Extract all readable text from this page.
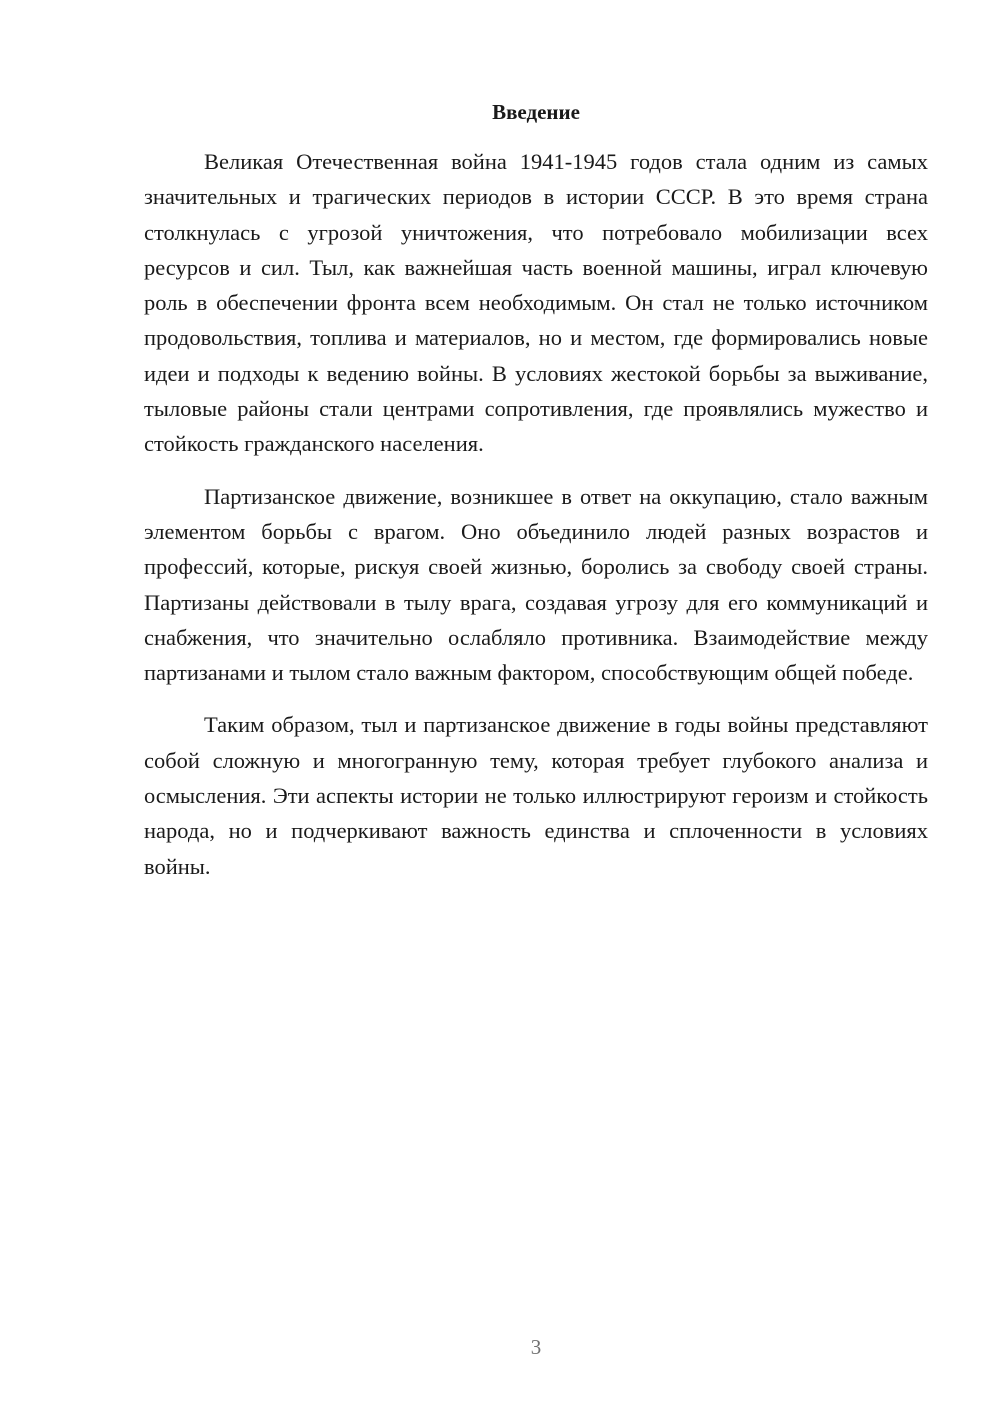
Введение

Великая Отечественная война 1941-1945 годов стала одним из самых значительных и трагических периодов в истории СССР. В это время страна столкнулась с угрозой уничтожения, что потребовало мобилизации всех ресурсов и сил. Тыл, как важнейшая часть военной машины, играл ключевую роль в обеспечении фронта всем необходимым. Он стал не только источником продовольствия, топлива и материалов, но и местом, где формировались новые идеи и подходы к ведению войны. В условиях жестокой борьбы за выживание, тыловые районы стали центрами сопротивления, где проявлялись мужество и стойкость гражданского населения.

Партизанское движение, возникшее в ответ на оккупацию, стало важным элементом борьбы с врагом. Оно объединило людей разных возрастов и профессий, которые, рискуя своей жизнью, боролись за свободу своей страны. Партизаны действовали в тылу врага, создавая угрозу для его коммуникаций и снабжения, что значительно ослабляло противника. Взаимодействие между партизанами и тылом стало важным фактором, способствующим общей победе.

Таким образом, тыл и партизанское движение в годы войны представляют собой сложную и многогранную тему, которая требует глубокого анализа и осмысления. Эти аспекты истории не только иллюстрируют героизм и стойкость народа, но и подчеркивают важность единства и сплоченности в условиях войны.

3
